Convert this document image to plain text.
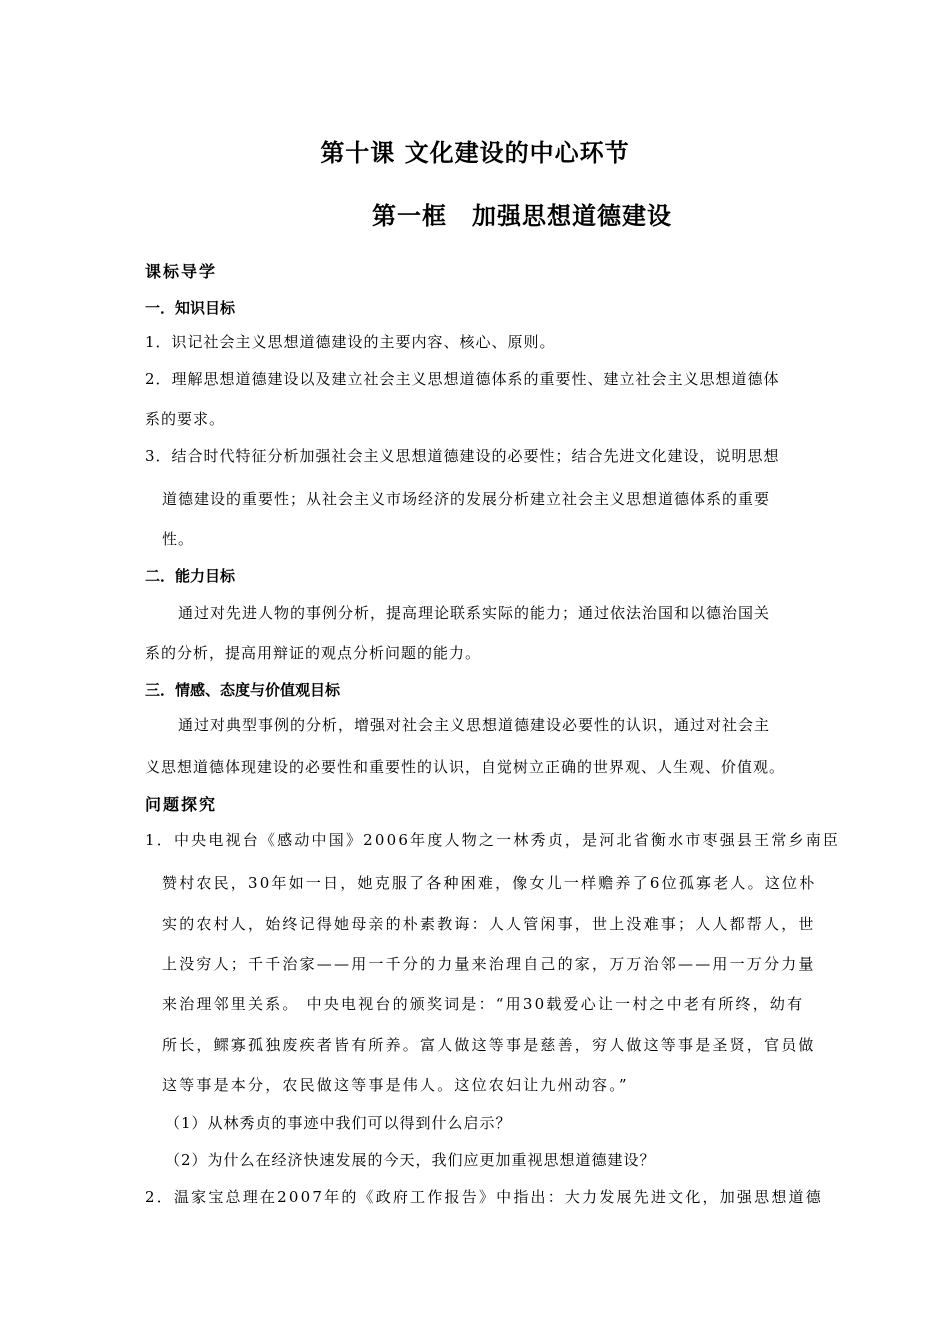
第十课 文化建设的中心环节
第一框　加强思想道德建设
课标导学
一．知识目标
1．识记社会主义思想道德建设的主要内容、核心、原则。
2．理解思想道德建设以及建立社会主义思想道德体系的重要性、建立社会主义思想道德体
系的要求。
3．结合时代特征分析加强社会主义思想道德建设的必要性；结合先进文化建设，说明思想
道德建设的重要性；从社会主义市场经济的发展分析建立社会主义思想道德体系的重要
性。
二．能力目标
通过对先进人物的事例分析，提高理论联系实际的能力；通过依法治国和以德治国关
系的分析，提高用辩证的观点分析问题的能力。
三．情感、态度与价值观目标
通过对典型事例的分析，增强对社会主义思想道德建设必要性的认识，通过对社会主
义思想道德体现建设的必要性和重要性的认识，自觉树立正确的世界观、人生观、价值观。
问题探究
1．中央电视台《感动中国》2006年度人物之一林秀贞，是河北省衡水市枣强县王常乡南臣
赞村农民，30年如一日，她克服了各种困难，像女儿一样赡养了6位孤寡老人。这位朴
实的农村人，始终记得她母亲的朴素教诲：人人管闲事，世上没难事；人人都帮人，世
上没穷人；千千治家——用一千分的力量来治理自己的家，万万治邻——用一万分力量
来治理邻里关系。 中央电视台的颁奖词是：“用30载爱心让一村之中老有所终，幼有
所长，鳏寡孤独废疾者皆有所养。富人做这等事是慈善，穷人做这等事是圣贤，官员做
这等事是本分，农民做这等事是伟人。这位农妇让九州动容。”
（1）从林秀贞的事迹中我们可以得到什么启示？
（2）为什么在经济快速发展的今天，我们应更加重视思想道德建设？
2．温家宝总理在2007年的《政府工作报告》中指出：大力发展先进文化，加强思想道德
